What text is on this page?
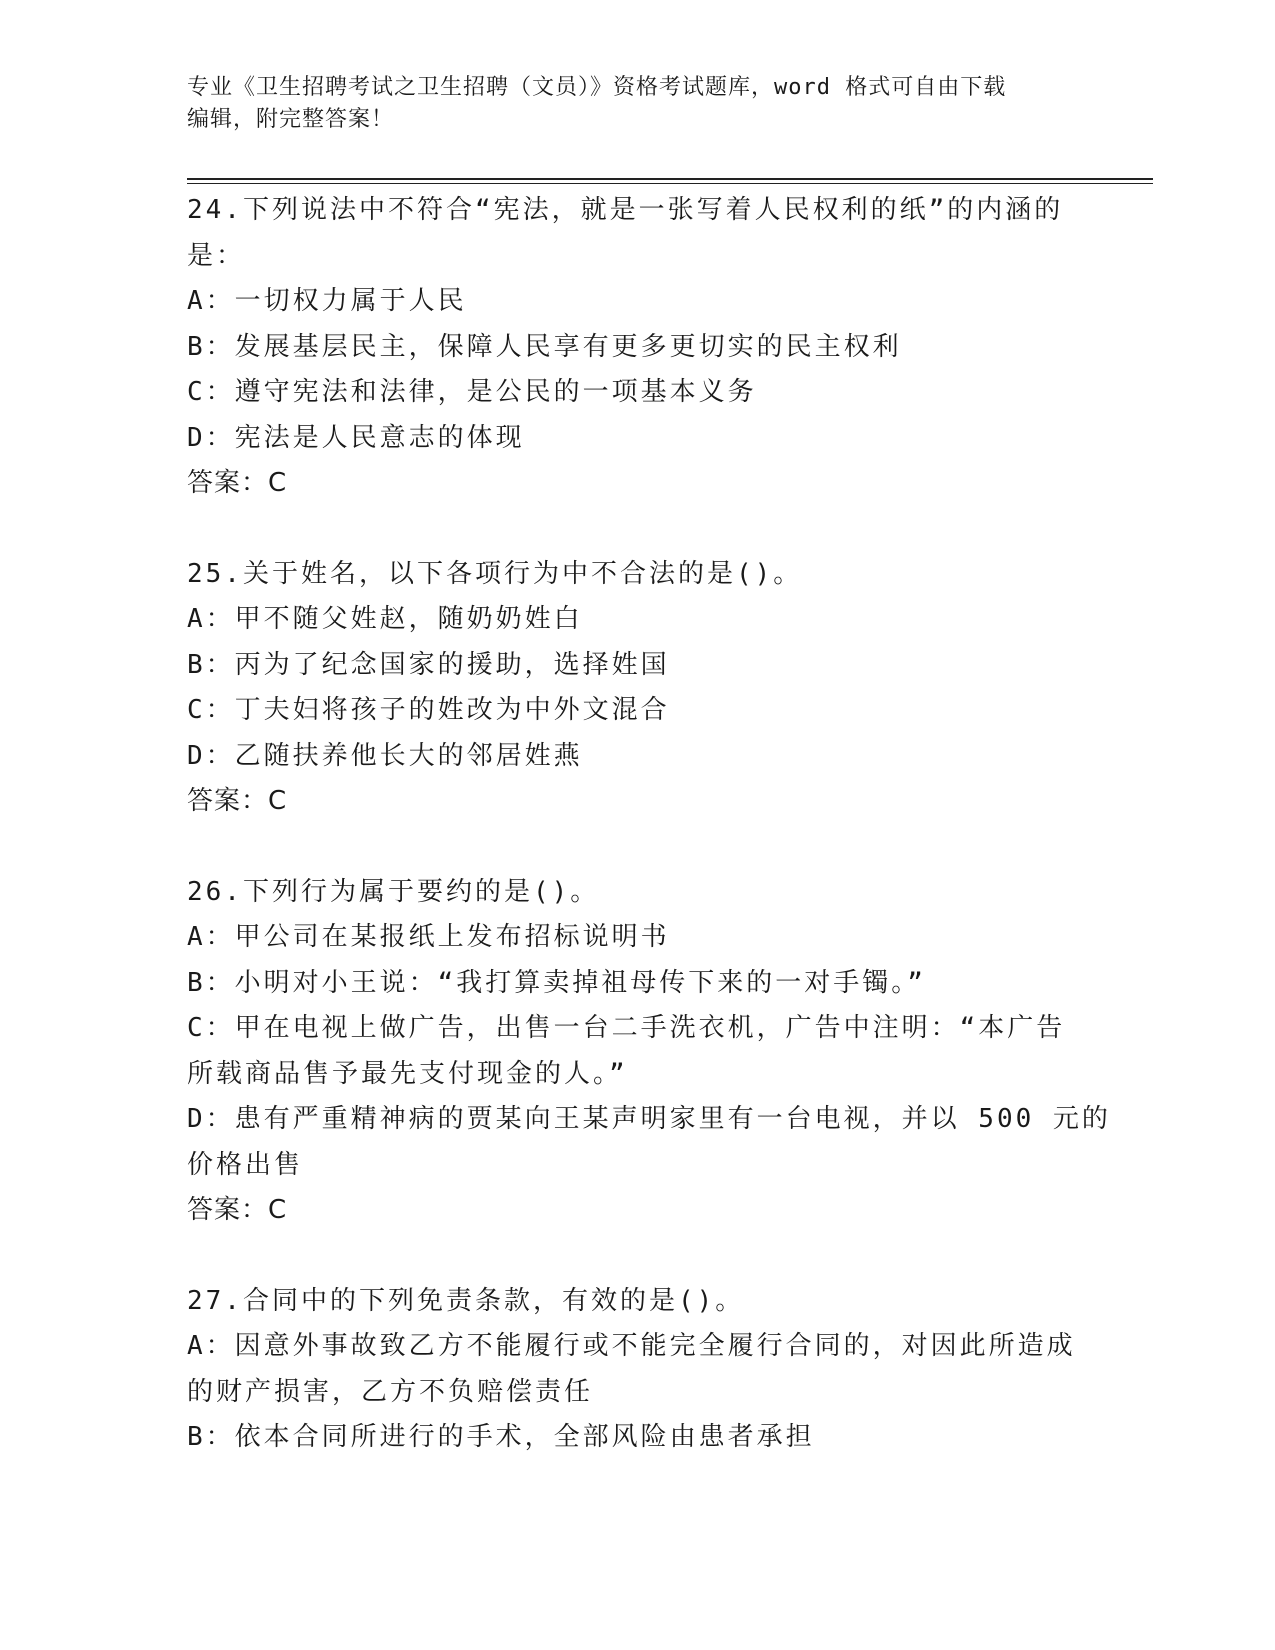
专业《卫生招聘考试之卫生招聘（文员）》资格考试题库，word 格式可自由下载
编辑，附完整答案！
24.下列说法中不符合“宪法，就是一张写着人民权利的纸”的内涵的
是：
A：一切权力属于人民
B：发展基层民主，保障人民享有更多更切实的民主权利
C：遵守宪法和法律，是公民的一项基本义务
D：宪法是人民意志的体现
答案：C
25.关于姓名，以下各项行为中不合法的是()。
A：甲不随父姓赵，随奶奶姓白
B：丙为了纪念国家的援助，选择姓国
C：丁夫妇将孩子的姓改为中外文混合
D：乙随扶养他长大的邻居姓燕
答案：C
26.下列行为属于要约的是()。
A：甲公司在某报纸上发布招标说明书
B：小明对小王说：“我打算卖掉祖母传下来的一对手镯。”
C：甲在电视上做广告，出售一台二手洗衣机，广告中注明：“本广告
所载商品售予最先支付现金的人。”
D：患有严重精神病的贾某向王某声明家里有一台电视，并以 500 元的
价格出售
答案：C
27.合同中的下列免责条款，有效的是()。
A：因意外事故致乙方不能履行或不能完全履行合同的，对因此所造成
的财产损害，乙方不负赔偿责任
B：依本合同所进行的手术，全部风险由患者承担
